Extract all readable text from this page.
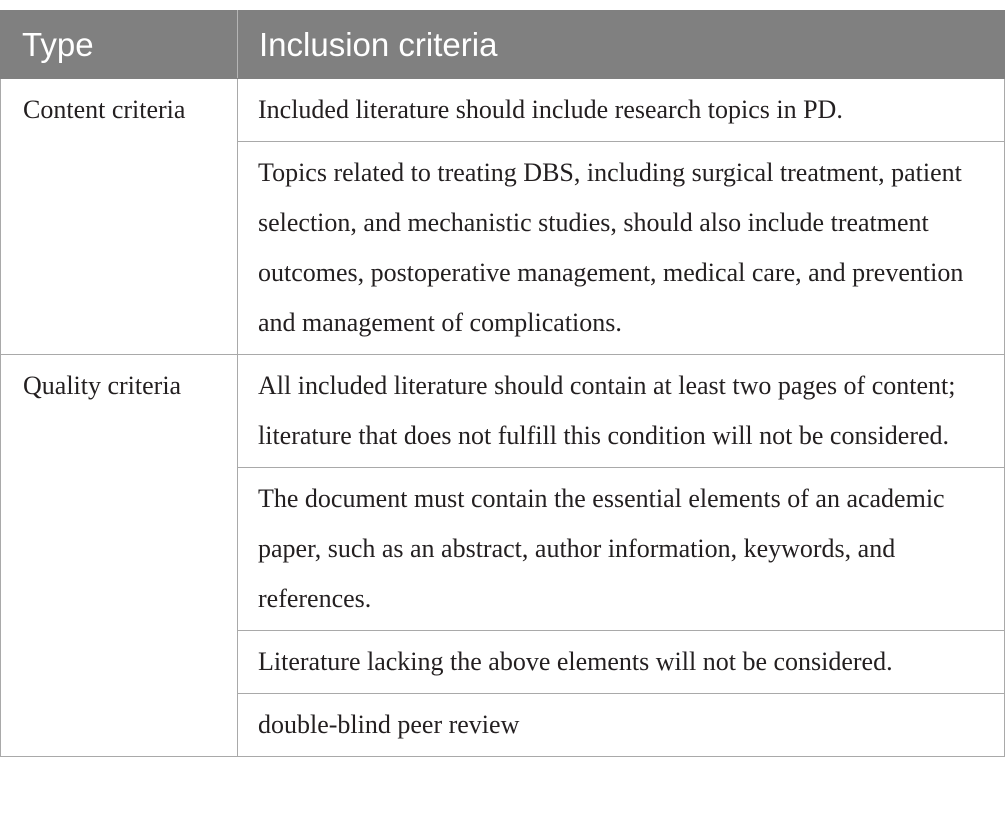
Type	Inclusion criteria
Content criteria	Included literature should include research topics in PD.
	Topics related to treating DBS, including surgical treatment, patient selection, and mechanistic studies, should also include treatment outcomes, postoperative management, medical care, and prevention and management of complications.
Quality criteria	All included literature should contain at least two pages of content; literature that does not fulfill this condition will not be considered.
	The document must contain the essential elements of an academic paper, such as an abstract, author information, keywords, and references.
	Literature lacking the above elements will not be considered.
	double-blind peer review
